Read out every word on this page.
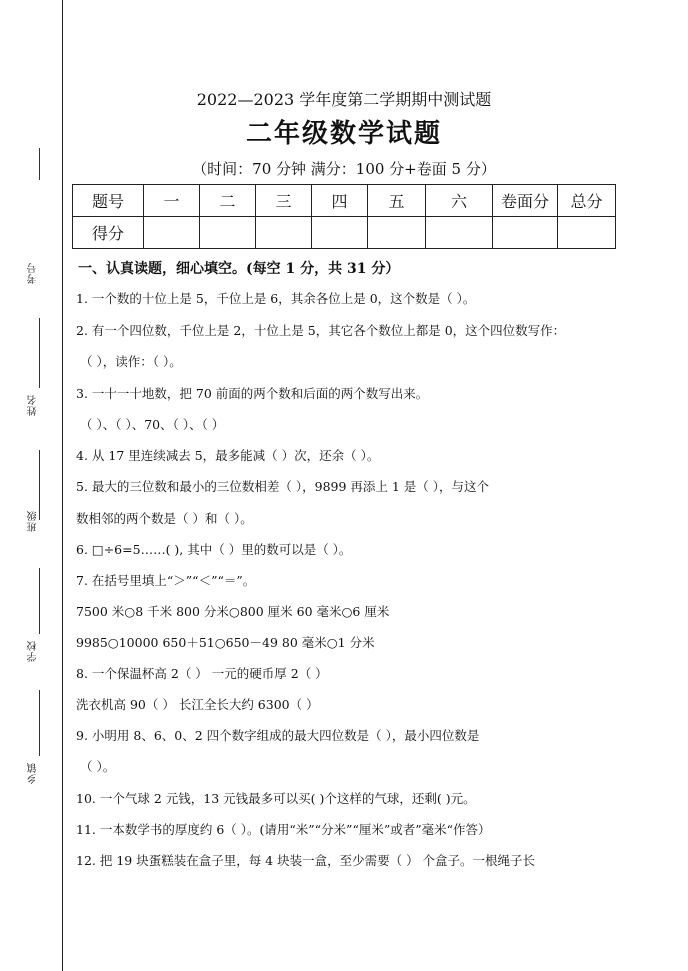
考号
姓名
班级
学校
乡镇
2022—2023 学年度第二学期期中测试题
二年级数学试题
（时间：70 分钟 满分：100 分+卷面 5 分）
题号	一	二	三	四	五	六	卷面分	总分
得分								
一、认真读题，细心填空。(每空 1 分，共 31 分）
1. 一个数的十位上是 5，千位上是 6，其余各位上是 0，这个数是（ ）。
2. 有一个四位数，千位上是 2，十位上是 5，其它各个数位上都是 0，这个四位数写作：
（ ），读作：（ ）。
3. 一十一十地数，把 70 前面的两个数和后面的两个数写出来。
（ ）、（ ）、70、（ ）、（ ）
4. 从 17 里连续减去 5，最多能减（ ）次，还余（ ）。
5. 最大的三位数和最小的三位数相差（ ），9899 再添上 1 是（ ），与这个
数相邻的两个数是（ ）和（ ）。
6. □÷6=5……( ), 其中（ ）里的数可以是（ ）。
7. 在括号里填上“＞”“＜”“＝”。
7500 米○8 千米 800 分米○800 厘米 60 毫米○6 厘米
9985○10000 650＋51○650－49 80 毫米○1 分米
8. 一个保温杯高 2（ ） 一元的硬币厚 2（ ）
洗衣机高 90（ ） 长江全长大约 6300（ ）
9. 小明用 8、6、0、2 四个数字组成的最大四位数是（ ），最小四位数是
（ ）。
10. 一个气球 2 元钱，13 元钱最多可以买( )个这样的气球，还剩( )元。
11. 一本数学书的厚度约 6（ ）。(请用“米”“分米”“厘米”或者”毫米“作答）
12. 把 19 块蛋糕装在盒子里，每 4 块装一盒，至少需要（ ） 个盒子。一根绳子长
